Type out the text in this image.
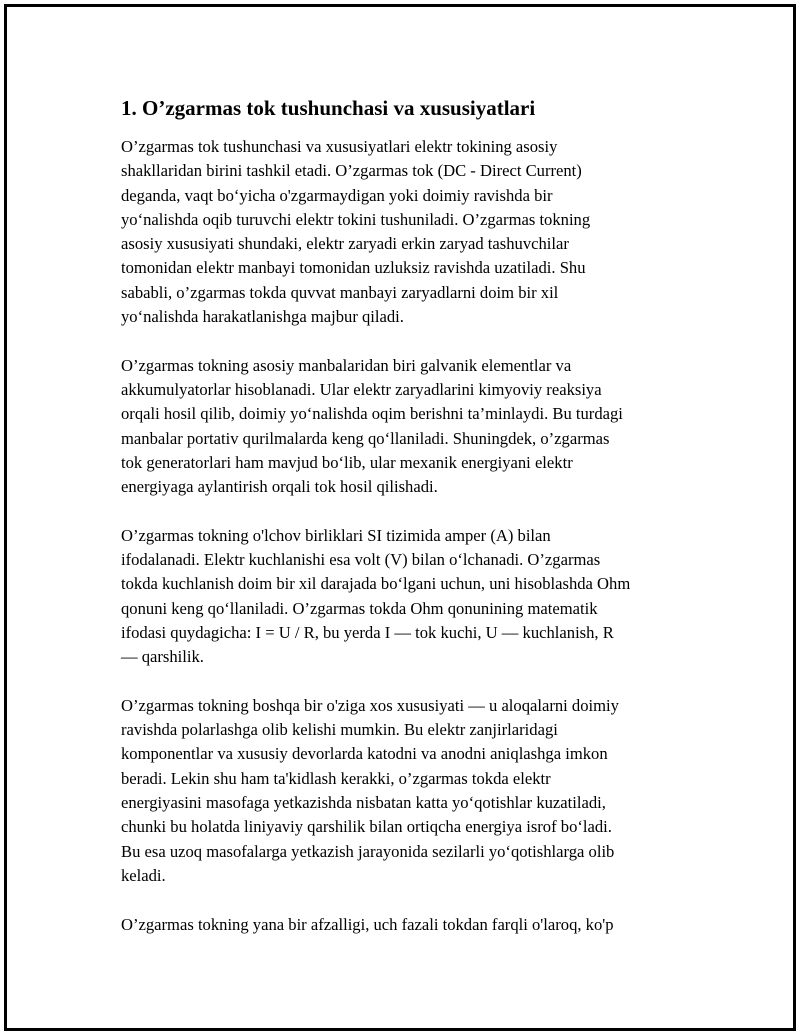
1. O’zgarmas tok tushunchasi va xususiyatlari
O’zgarmas tok tushunchasi va xususiyatlari elektr tokining asosiy
shakllaridan birini tashkil etadi. O’zgarmas tok (DC - Direct Current)
deganda, vaqt bo‘yicha o'zgarmaydigan yoki doimiy ravishda bir
yo‘nalishda oqib turuvchi elektr tokini tushuniladi. O’zgarmas tokning
asosiy xususiyati shundaki, elektr zaryadi erkin zaryad tashuvchilar
tomonidan elektr manbayi tomonidan uzluksiz ravishda uzatiladi. Shu
sababli, o’zgarmas tokda quvvat manbayi zaryadlarni doim bir xil
yo‘nalishda harakatlanishga majbur qiladi.
O’zgarmas tokning asosiy manbalaridan biri galvanik elementlar va
akkumulyatorlar hisoblanadi. Ular elektr zaryadlarini kimyoviy reaksiya
orqali hosil qilib, doimiy yo‘nalishda oqim berishni ta’minlaydi. Bu turdagi
manbalar portativ qurilmalarda keng qo‘llaniladi. Shuningdek, o’zgarmas
tok generatorlari ham mavjud bo‘lib, ular mexanik energiyani elektr
energiyaga aylantirish orqali tok hosil qilishadi.
O’zgarmas tokning o'lchov birliklari SI tizimida amper (A) bilan
ifodalanadi. Elektr kuchlanishi esa volt (V) bilan o‘lchanadi. O’zgarmas
tokda kuchlanish doim bir xil darajada bo‘lgani uchun, uni hisoblashda Ohm
qonuni keng qo‘llaniladi. O’zgarmas tokda Ohm qonunining matematik
ifodasi quydagicha: I = U / R, bu yerda I — tok kuchi, U — kuchlanish, R
— qarshilik.
O’zgarmas tokning boshqa bir o'ziga xos xususiyati — u aloqalarni doimiy
ravishda polarlashga olib kelishi mumkin. Bu elektr zanjirlaridagi
komponentlar va xususiy devorlarda katodni va anodni aniqlashga imkon
beradi. Lekin shu ham ta'kidlash kerakki, o’zgarmas tokda elektr
energiyasini masofaga yetkazishda nisbatan katta yo‘qotishlar kuzatiladi,
chunki bu holatda liniyaviy qarshilik bilan ortiqcha energiya isrof bo‘ladi.
Bu esa uzoq masofalarga yetkazish jarayonida sezilarli yo‘qotishlarga olib
keladi.
O’zgarmas tokning yana bir afzalligi, uch fazali tokdan farqli o'laroq, ko'p
